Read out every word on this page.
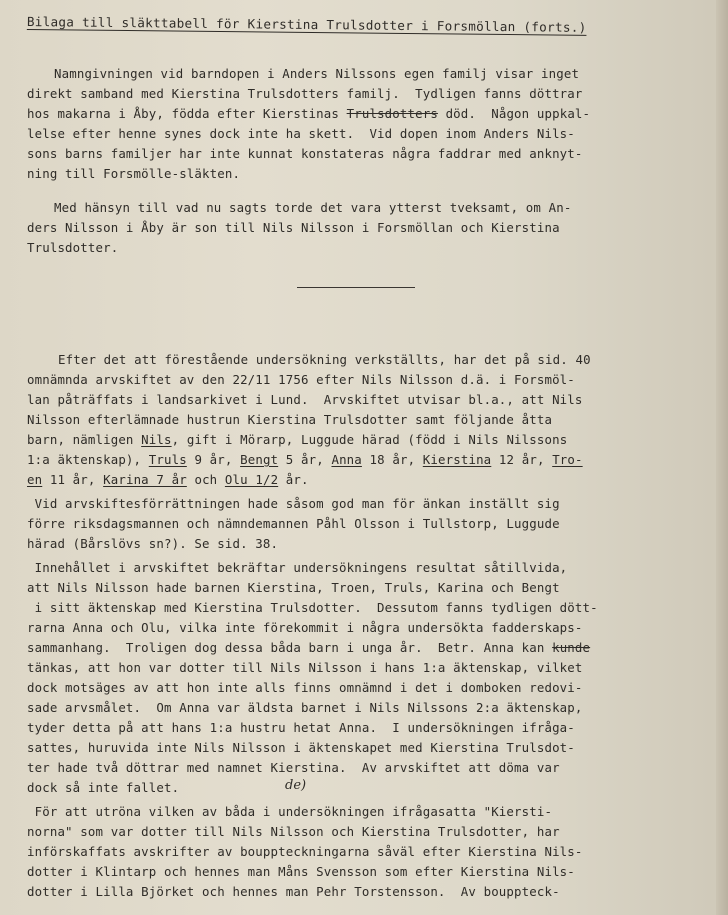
Bilaga till släkttabell för Kierstina Trulsdotter i Forsmöllan (forts.)
Namngivningen vid barndopen i Anders Nilssons egen familj visar inget
direkt samband med Kierstina Trulsdotters familj.  Tydligen fanns döttrar
hos makarna i Åby, födda efter Kierstinas Trulsdotters död.  Någon uppkal-
lelse efter henne synes dock inte ha skett.  Vid dopen inom Anders Nils-
sons barns familjer har inte kunnat konstateras några faddrar med anknyt-
ning till Forsmölle-släkten.
Med hänsyn till vad nu sagts torde det vara ytterst tveksamt, om An-
ders Nilsson i Åby är son till Nils Nilsson i Forsmöllan och Kierstina
Trulsdotter.
Efter det att förestående undersökning verkställts, har det på sid. 40
omnämnda arvskiftet av den 22/11 1756 efter Nils Nilsson d.ä. i Forsmöl-
lan påträffats i landsarkivet i Lund.  Arvskiftet utvisar bl.a., att Nils
Nilsson efterlämnade hustrun Kierstina Trulsdotter samt följande åtta
barn, nämligen Nils, gift i Mörarp, Luggude härad (född i Nils Nilssons
1:a äktenskap), Truls 9 år, Bengt 5 år, Anna 18 år, Kierstina 12 år, Tro-
en 11 år, Karina 7 år och Olu 1/2 år.
Vid arvskiftesförrättningen hade såsom god man för änkan inställt sig
förre riksdagsmannen och nämndemannen Påhl Olsson i Tullstorp, Luggude
härad (Bårslövs sn?). Se sid. 38.
Innehållet i arvskiftet bekräftar undersökningens resultat såtillvida,
att Nils Nilsson hade barnen Kierstina, Troen, Truls, Karina och Bengt
i sitt äktenskap med Kierstina Trulsdotter.  Dessutom fanns tydligen dött-
rarna Anna och Olu, vilka inte förekommit i några undersökta fadderskaps-
sammanhang.  Troligen dog dessa båda barn i unga år.  Betr. Anna kan kunde
tänkas, att hon var dotter till Nils Nilsson i hans 1:a äktenskap, vilket
dock motsäges av att hon inte alls finns omnämnd i det i domboken redovi-
sade arvsmålet.  Om Anna var äldsta barnet i Nils Nilssons 2:a äktenskap,
tyder detta på att hans 1:a hustru hetat Anna.  I undersökningen ifråga-
sattes, huruvida inte Nils Nilsson i äktenskapet med Kierstina Trulsdot-
ter hade två döttrar med namnet Kierstina.  Av arvskiftet att döma var
dock så inte fallet.	de)
För att utröna vilken av båda i undersökningen ifrågasatta "Kiersti-
norna" som var dotter till Nils Nilsson och Kierstina Trulsdotter, har
införskaffats avskrifter av bouppteckningarna såväl efter Kierstina Nils-
dotter i Klintarp och hennes man Måns Svensson som efter Kierstina Nils-
dotter i Lilla Björket och hennes man Pehr Torstensson.  Av bouppteck-
